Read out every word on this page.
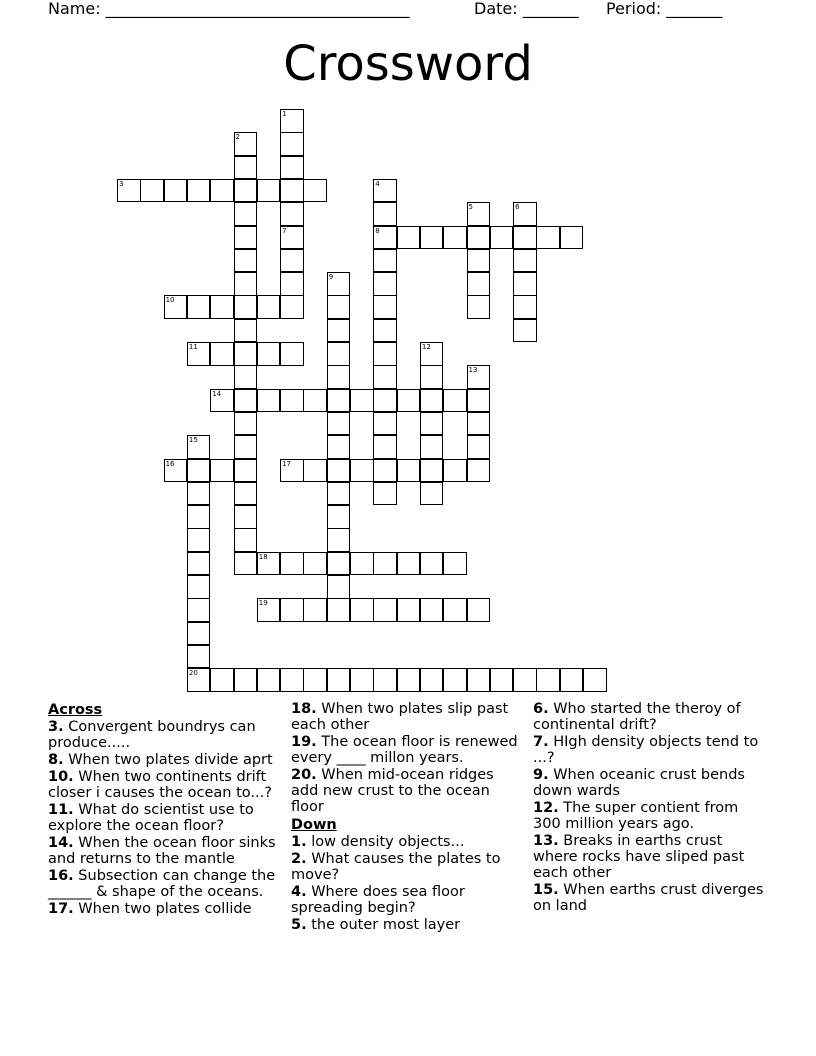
Name: ______________________________________	Date: _______ Period: _______
Crossword
1
7
2
3	4
8
5	6
9
10
11	12
13
14
15
16	17
18
19
20
Across
3. Convergent boundrys can produce.....
8. When two plates divide aprt
10. When two continents drift closer i causes the ocean to...?
11. What do scientist use to explore the ocean floor?
14. When the ocean floor sinks and returns to the mantle
16. Subsection can change the ______ & shape of the oceans.
17. When two plates collide
18. When two plates slip past each other
19. The ocean floor is renewed every ____ millon years.
20. When mid-ocean ridges add new crust to the ocean floor
Down
1. low density objects...
2. What causes the plates to move?
4. Where does sea floor spreading begin?
5. the outer most layer
6. Who started the theroy of continental drift?
7. HIgh density objects tend to ...?
9. When oceanic crust bends down wards
12. The super contient from 300 million years ago.
13. Breaks in earths crust where rocks have sliped past each other
15. When earths crust diverges on land
